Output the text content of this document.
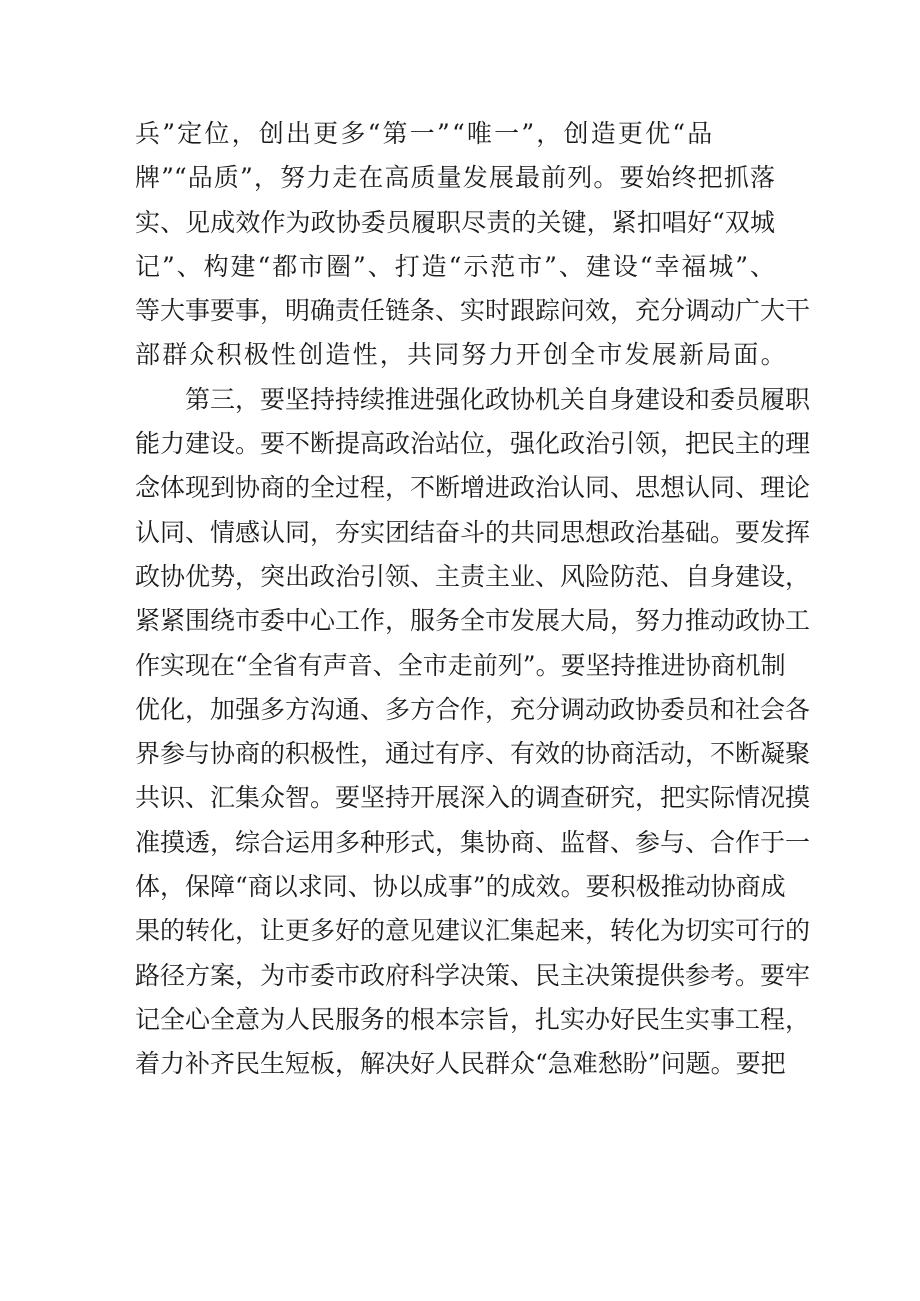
兵”定位，创出更多“第一”“唯一”，创造更优“品
牌”“品质”，努力走在高质量发展最前列。要始终把抓落
实、见成效作为政协委员履职尽责的关键，紧扣唱好“双城
记”、构建“都市圈”、打造“示范市”、建设“幸福城”、
等大事要事，明确责任链条、实时跟踪问效，充分调动广大干
部群众积极性创造性，共同努力开创全市发展新局面。
第三，要坚持持续推进强化政协机关自身建设和委员履职
能力建设。要不断提高政治站位，强化政治引领，把民主的理
念体现到协商的全过程，不断增进政治认同、思想认同、理论
认同、情感认同，夯实团结奋斗的共同思想政治基础。要发挥
政协优势，突出政治引领、主责主业、风险防范、自身建设，
紧紧围绕市委中心工作，服务全市发展大局，努力推动政协工
作实现在“全省有声音、全市走前列”。要坚持推进协商机制
优化，加强多方沟通、多方合作，充分调动政协委员和社会各
界参与协商的积极性，通过有序、有效的协商活动，不断凝聚
共识、汇集众智。要坚持开展深入的调查研究，把实际情况摸
准摸透，综合运用多种形式，集协商、监督、参与、合作于一
体，保障“商以求同、协以成事”的成效。要积极推动协商成
果的转化，让更多好的意见建议汇集起来，转化为切实可行的
路径方案，为市委市政府科学决策、民主决策提供参考。要牢
记全心全意为人民服务的根本宗旨，扎实办好民生实事工程，
着力补齐民生短板，解决好人民群众“急难愁盼”问题。要把
